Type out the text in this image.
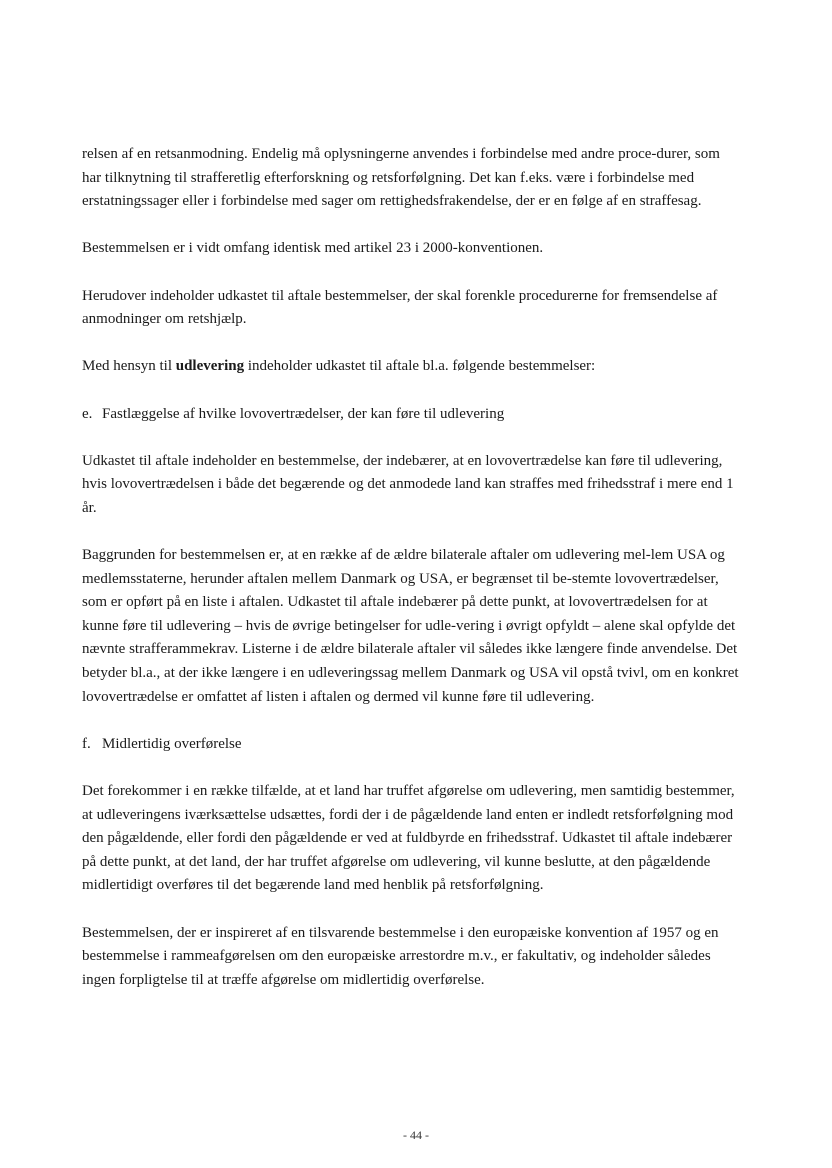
relsen af en retsanmodning. Endelig må oplysningerne anvendes i forbindelse med andre proce-durer, som har tilknytning til strafferetlig efterforskning og retsforfølgning. Det kan f.eks. være i forbindelse med erstatningssager eller i forbindelse med sager om rettighedsfrakendelse, der er en følge af en straffesag.

Bestemmelsen er i vidt omfang identisk med artikel 23 i 2000-konventionen.

Herudover indeholder udkastet til aftale bestemmelser, der skal forenkle procedurerne for fremsendelse af anmodninger om retshjælp.

Med hensyn til udlevering indeholder udkastet til aftale bl.a. følgende bestemmelser:

e. Fastlæggelse af hvilke lovovertrædelser, der kan føre til udlevering

Udkastet til aftale indeholder en bestemmelse, der indebærer, at en lovovertrædelse kan føre til udlevering, hvis lovovertrædelsen i både det begærende og det anmodede land kan straffes med frihedsstraf i mere end 1 år.

Baggrunden for bestemmelsen er, at en række af de ældre bilaterale aftaler om udlevering mel-lem USA og medlemsstaterne, herunder aftalen mellem Danmark og USA, er begrænset til be-stemte lovovertrædelser, som er opført på en liste i aftalen. Udkastet til aftale indebærer på dette punkt, at lovovertrædelsen for at kunne føre til udlevering – hvis de øvrige betingelser for udle-vering i øvrigt opfyldt – alene skal opfylde det nævnte strafferammekrav. Listerne i de ældre bilaterale aftaler vil således ikke længere finde anvendelse. Det betyder bl.a., at der ikke længere i en udleveringssag mellem Danmark og USA vil opstå tvivl, om en konkret lovovertrædelse er omfattet af listen i aftalen og dermed vil kunne føre til udlevering.

f. Midlertidig overførelse

Det forekommer i en række tilfælde, at et land har truffet afgørelse om udlevering, men samtidig bestemmer, at udleveringens iværksættelse udsættes, fordi der i de pågældende land enten er indledt retsforfølgning mod den pågældende, eller fordi den pågældende er ved at fuldbyrde en frihedsstraf. Udkastet til aftale indebærer på dette punkt, at det land, der har truffet afgørelse om udlevering, vil kunne beslutte, at den pågældende midlertidigt overføres til det begærende land med henblik på retsforfølgning.

Bestemmelsen, der er inspireret af en tilsvarende bestemmelse i den europæiske konvention af 1957 og en bestemmelse i rammeafgørelsen om den europæiske arrestordre m.v., er fakultativ, og indeholder således ingen forpligtelse til at træffe afgørelse om midlertidig overførelse.

- 44 -
